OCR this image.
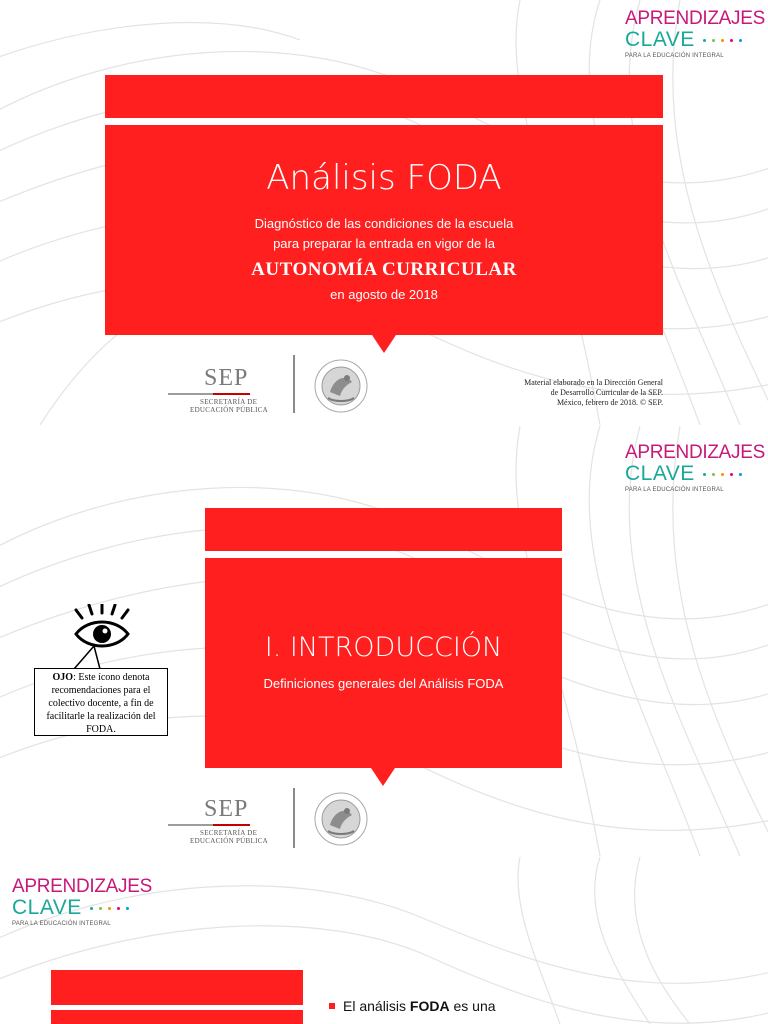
APRENDIZAJES
CLAVE
PARA LA EDUCACIÓN INTEGRAL
Análisis FODA
Diagnóstico de las condiciones de la escuela
para preparar la entrada en vigor de la
AUTONOMÍA CURRICULAR
en agosto de 2018
SEP
SECRETARÍA DE
EDUCACIÓN PÚBLICA
Material elaborado en la Dirección General
de Desarrollo Curricular de la SEP.
México, febrero de 2018. © SEP.
APRENDIZAJES
CLAVE
PARA LA EDUCACIÓN INTEGRAL
I. INTRODUCCIÓN
Definiciones generales del Análisis FODA
OJO: Este ícono denota recomendaciones para el colectivo docente, a fin de facilitarle la realización del FODA.
SEP
SECRETARÍA DE
EDUCACIÓN PÚBLICA
APRENDIZAJES
CLAVE
PARA LA EDUCACIÓN INTEGRAL
El análisis FODA es una
